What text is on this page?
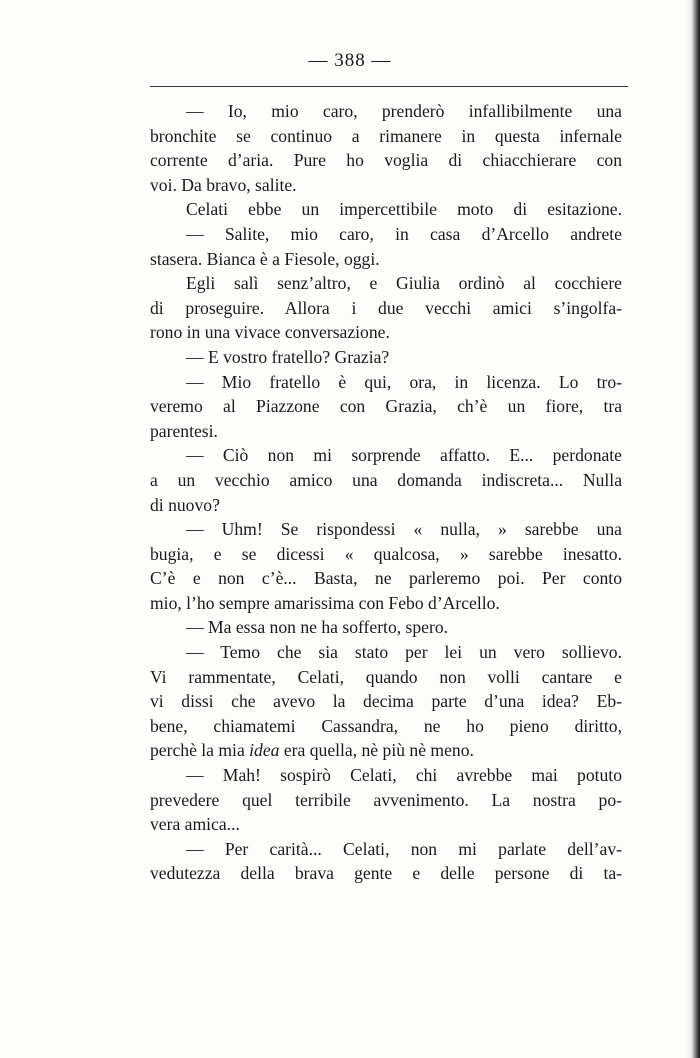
— 388 —
— Io, mio caro, prenderò infallibilmente una
bronchite se continuo a rimanere in questa infernale
corrente d’aria. Pure ho voglia di chiacchierare con
voi. Da bravo, salite.
Celati ebbe un impercettibile moto di esitazione.
— Salite, mio caro, in casa d’Arcello andrete
stasera. Bianca è a Fiesole, oggi.
Egli salì senz’altro, e Giulia ordinò al cocchiere
di proseguire. Allora i due vecchi amici s’ingolfa-
rono in una vivace conversazione.
— E vostro fratello? Grazia?
— Mio fratello è qui, ora, in licenza. Lo tro-
veremo al Piazzone con Grazia, ch’è un fiore, tra
parentesi.
— Ciò non mi sorprende affatto. E... perdonate
a un vecchio amico una domanda indiscreta... Nulla
di nuovo?
— Uhm! Se rispondessi « nulla, » sarebbe una
bugia, e se dicessi « qualcosa, » sarebbe inesatto.
C’è e non c’è... Basta, ne parleremo poi. Per conto
mio, l’ho sempre amarissima con Febo d’Arcello.
— Ma essa non ne ha sofferto, spero.
— Temo che sia stato per lei un vero sollievo.
Vi rammentate, Celati, quando non volli cantare e
vi dissi che avevo la decima parte d’una idea? Eb-
bene, chiamatemi Cassandra, ne ho pieno diritto,
perchè la mia idea era quella, nè più nè meno.
— Mah! sospirò Celati, chi avrebbe mai potuto
prevedere quel terribile avvenimento. La nostra po-
vera amica...
— Per carità... Celati, non mi parlate dell’av-
vedutezza della brava gente e delle persone di ta-
